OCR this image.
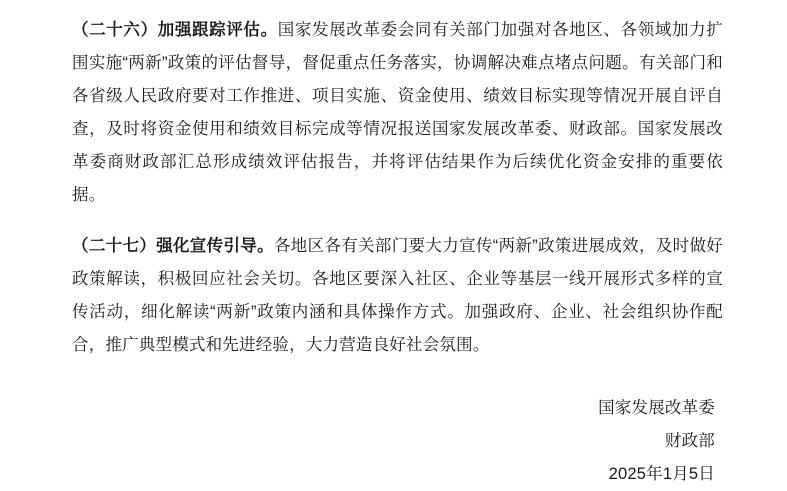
（二十六）加强跟踪评估。国家发展改革委会同有关部门加强对各地区、各领域加力扩围实施“两新”政策的评估督导，督促重点任务落实，协调解决难点堵点问题。有关部门和各省级人民政府要对工作推进、项目实施、资金使用、绩效目标实现等情况开展自评自查，及时将资金使用和绩效目标完成等情况报送国家发展改革委、财政部。国家发展改革委商财政部汇总形成绩效评估报告，并将评估结果作为后续优化资金安排的重要依据。

（二十七）强化宣传引导。各地区各有关部门要大力宣传“两新”政策进展成效，及时做好政策解读，积极回应社会关切。各地区要深入社区、企业等基层一线开展形式多样的宣传活动，细化解读“两新”政策内涵和具体操作方式。加强政府、企业、社会组织协作配合，推广典型模式和先进经验，大力营造良好社会氛围。

国家发展改革委
财政部
2025年1月5日
